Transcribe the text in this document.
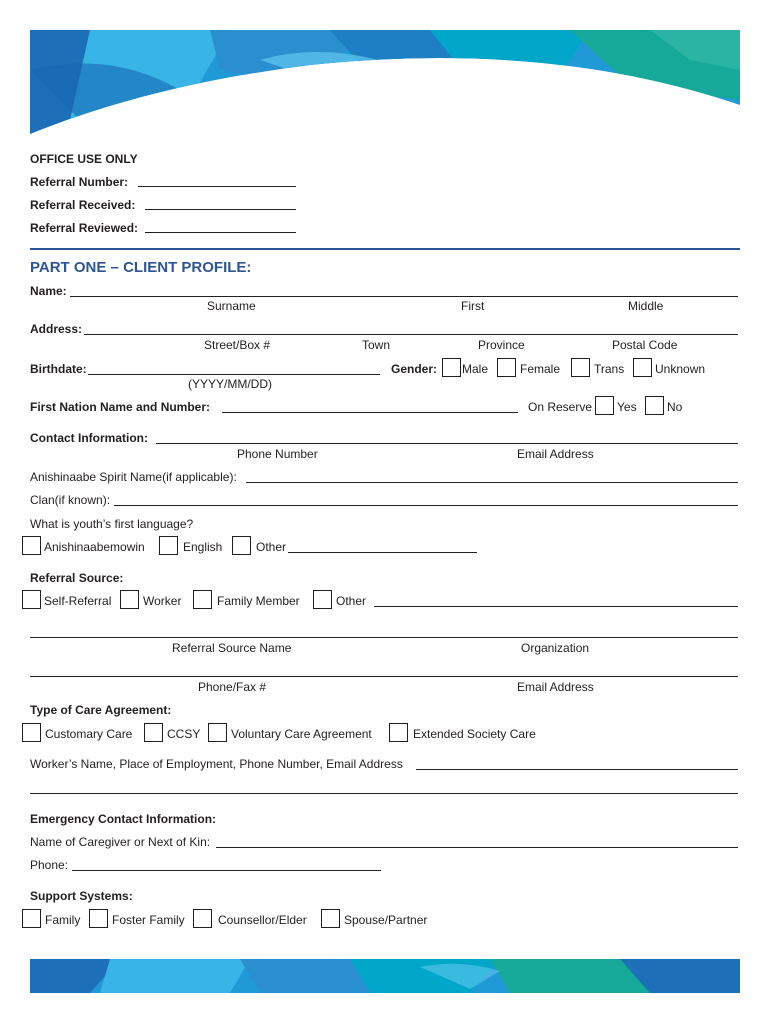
OFFICE USE ONLY
Referral Number:
Referral Received:
Referral Reviewed:
PART ONE – CLIENT PROFILE:
Name:
Surname	First	Middle
Address:
Street/Box #	Town	Province	Postal Code
Birthdate:
(YYYY/MM/DD)
Gender: Male	Female	Trans	Unknown
First Nation Name and Number:	On Reserve Yes	No
Contact Information:
Phone Number	Email Address
Anishinaabe Spirit Name(if applicable):
Clan(if known):
What is youth’s first language?
Anishinaabemowin	English	Other
Referral Source:
Self-Referral	Worker	Family Member	Other
Referral Source Name	Organization
Phone/Fax #	Email Address
Type of Care Agreement:
Customary Care	CCSY	Voluntary Care Agreement	Extended Society Care
Worker’s Name, Place of Employment, Phone Number, Email Address
Emergency Contact Information:
Name of Caregiver or Next of Kin:
Phone:
Support Systems:
Family	Foster Family	Counsellor/Elder	Spouse/Partner
